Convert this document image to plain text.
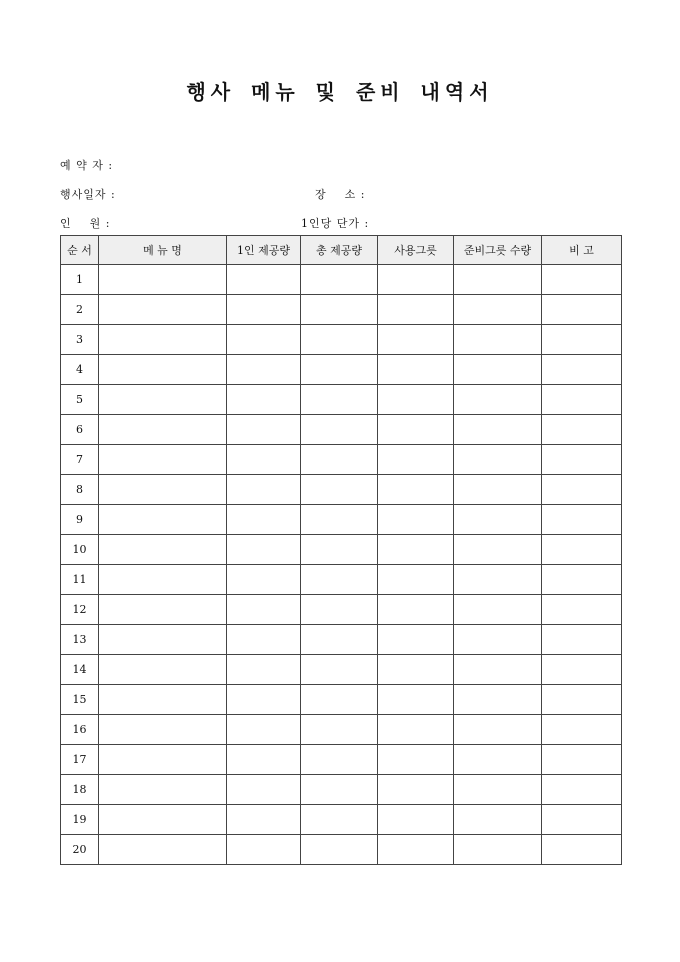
행사 메뉴 및 준비 내역서
예 약 자 :
행사일자 :	장    소 :
인    원 :	1인당 단가 :
순 서	메 뉴 명	1인 제공량	총 제공량	사용그릇	준비그릇 수량	비 고
1						
2						
3						
4						
5						
6						
7						
8						
9						
10						
11						
12						
13						
14						
15						
16						
17						
18						
19						
20						
